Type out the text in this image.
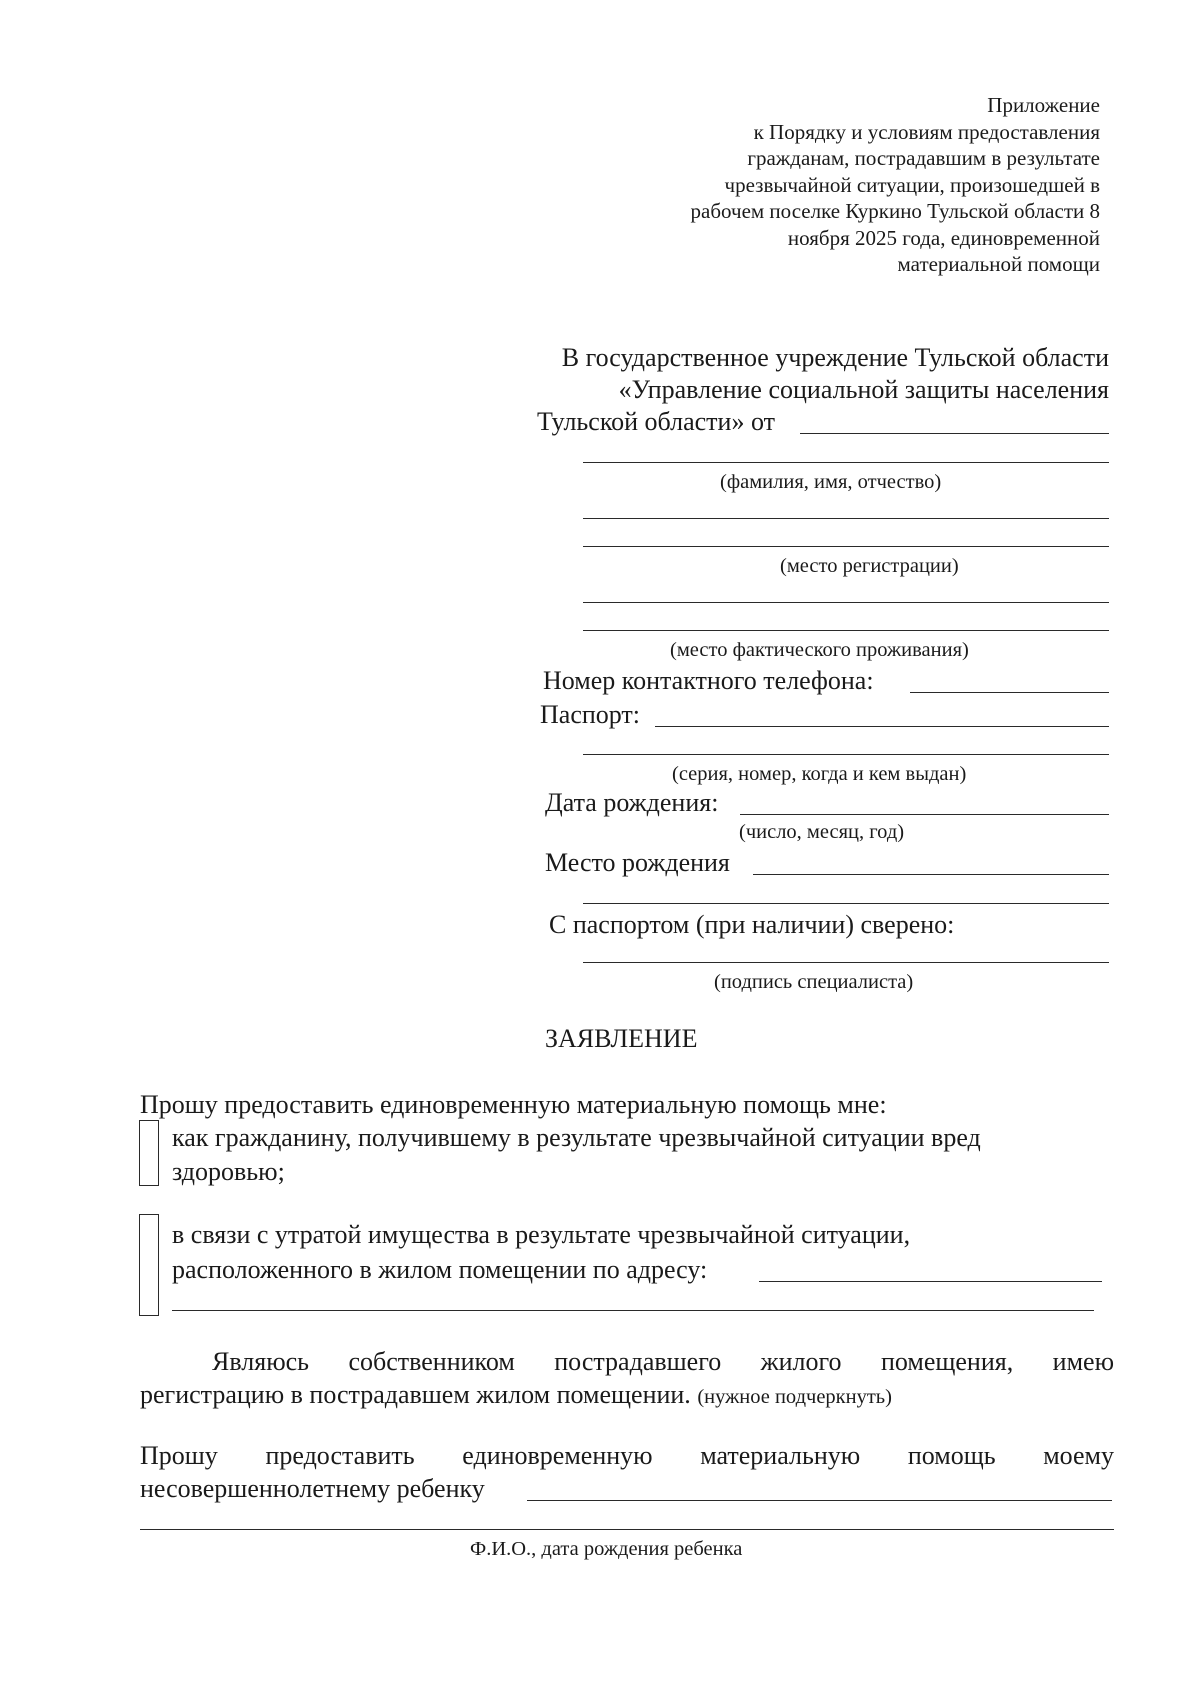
Приложение
к Порядку и условиям предоставления
гражданам, пострадавшим в результате
чрезвычайной ситуации, произошедшей в
рабочем поселке Куркино Тульской области 8
ноября 2025 года, единовременной
материальной помощи
В государственное учреждение Тульской области
«Управление социальной защиты населения
Тульской области» от
(фамилия, имя, отчество)
(место регистрации)
(место фактического проживания)
Номер контактного телефона:
Паспорт:
(серия, номер, когда и кем выдан)
Дата рождения:
(число, месяц, год)
Место рождения
С паспортом (при наличии) сверено:
(подпись специалиста)
ЗАЯВЛЕНИЕ
Прошу предоставить единовременную материальную помощь мне:
как гражданину, получившему в результате чрезвычайной ситуации вред
здоровью;
в связи с утратой имущества в результате чрезвычайной ситуации,
расположенного в жилом помещении по адресу:
Являюсь собственником пострадавшего жилого помещения, имею
регистрацию в пострадавшем жилом помещении. (нужное подчеркнуть)
Прошу предоставить единовременную материальную помощь моему
несовершеннолетнему ребенку
Ф.И.О., дата рождения ребенка
